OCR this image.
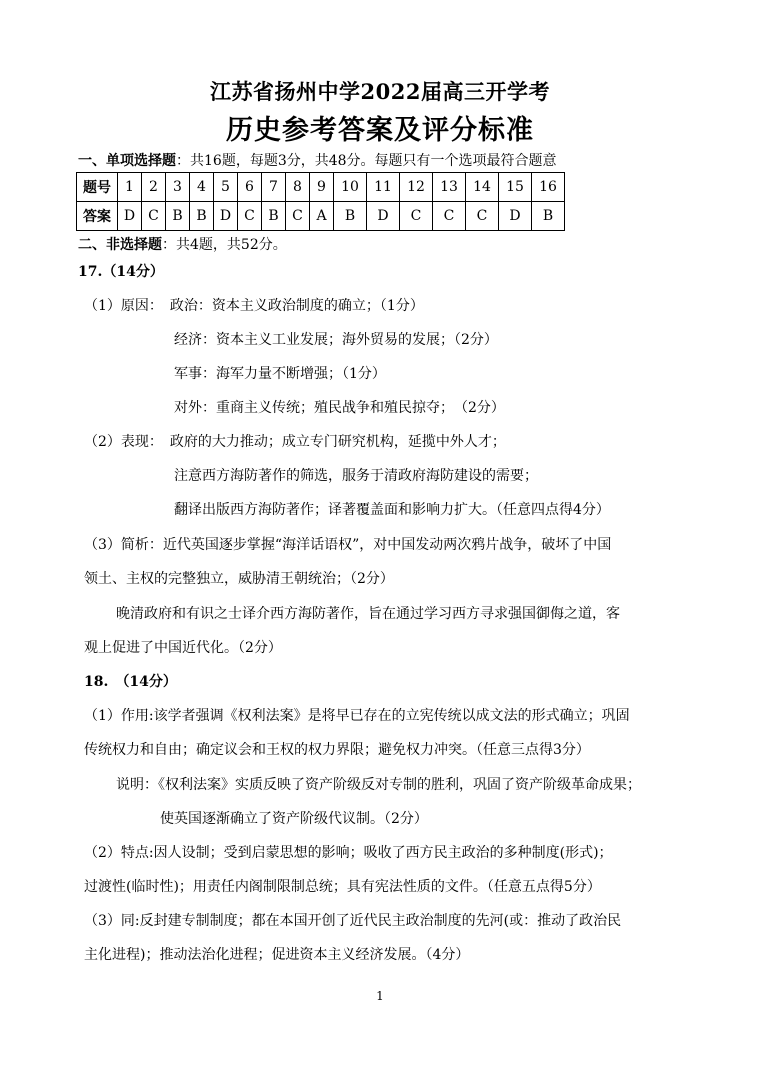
江苏省扬州中学2022届高三开学考
历史参考答案及评分标准
一、单项选择题：共16题，每题3分，共48分。每题只有一个选项最符合题意
题号	1	2	3	4	5	6	7	8	9	10	11	12	13	14	15	16
答案	D	C	B	B	D	C	B	C	A	B	D	C	C	C	D	B
二、非选择题：共4题，共52分。
17.（14分）
（1）原因：　政治：资本主义政治制度的确立；（1分）
经济：资本主义工业发展；海外贸易的发展；（2分）
军事：海军力量不断增强；（1分）
对外：重商主义传统；殖民战争和殖民掠夺；　（2分）
（2）表现：　政府的大力推动；成立专门研究机构，延揽中外人才；
注意西方海防著作的筛选，服务于清政府海防建设的需要；
翻译出版西方海防著作；译著覆盖面和影响力扩大。（任意四点得4分）
（3）简析：近代英国逐步掌握“海洋话语权”，对中国发动两次鸦片战争，破坏了中国
领土、主权的完整独立，威胁清王朝统治；（2分）
晚清政府和有识之士译介西方海防著作，旨在通过学习西方寻求强国御侮之道，客
观上促进了中国近代化。（2分）
18.　（14分）
（1）作用:该学者强调《权利法案》是将早已存在的立宪传统以成文法的形式确立；巩固
传统权力和自由；确定议会和王权的权力界限；避免权力冲突。（任意三点得3分）
说明：《权利法案》实质反映了资产阶级反对专制的胜利，巩固了资产阶级革命成果；
使英国逐渐确立了资产阶级代议制。（2分）
（2）特点:因人设制；受到启蒙思想的影响；吸收了西方民主政治的多种制度(形式)；
过渡性(临时性)；用责任内阁制限制总统；具有宪法性质的文件。（任意五点得5分）
（3）同:反封建专制制度；都在本国开创了近代民主政治制度的先河(或：推动了政治民
主化进程)；推动法治化进程；促进资本主义经济发展。（4分）
1
